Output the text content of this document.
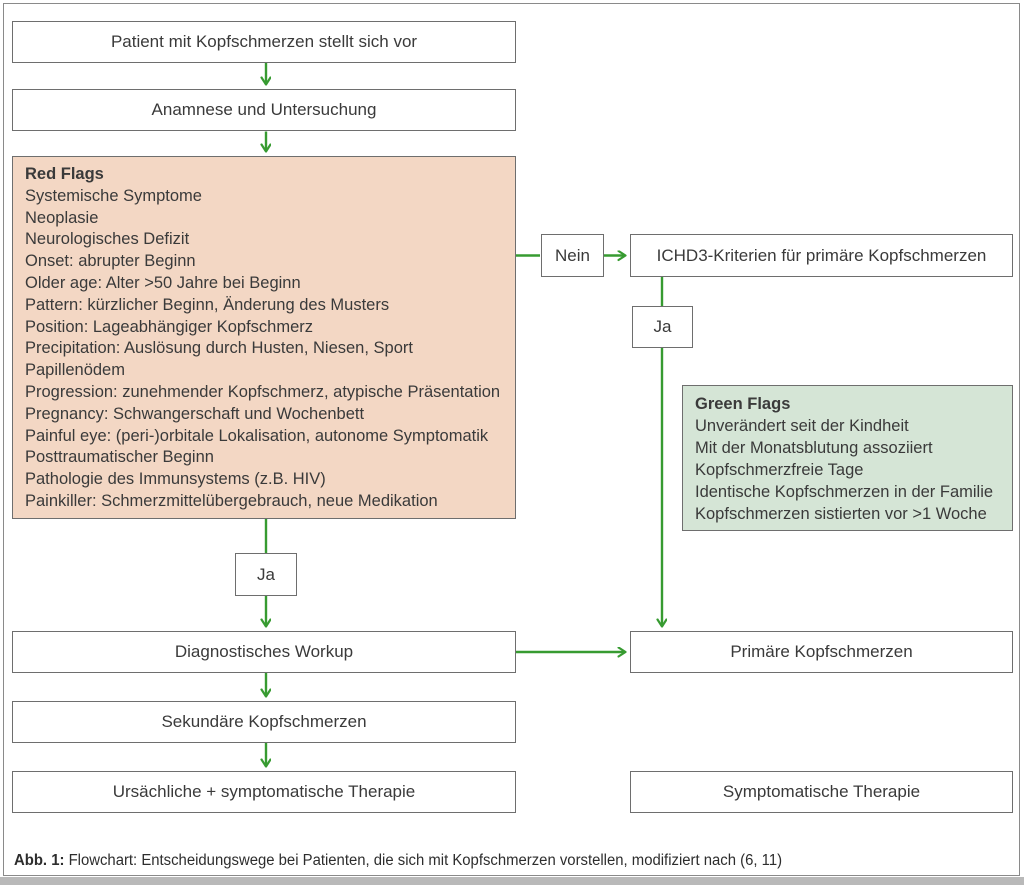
Patient mit Kopfschmerzen stellt sich vor
Anamnese und Untersuchung
Red Flags
Systemische Symptome
Neoplasie
Neurologisches Defizit
Onset: abrupter Beginn
Older age: Alter >50 Jahre bei Beginn
Pattern: kürzlicher Beginn, Änderung des Musters
Position: Lageabhängiger Kopfschmerz
Precipitation: Auslösung durch Husten, Niesen, Sport
Papillenödem
Progression: zunehmender Kopfschmerz, atypische Präsentation
Pregnancy: Schwangerschaft und Wochenbett
Painful eye: (peri-)orbitale Lokalisation, autonome Symptomatik
Posttraumatischer Beginn
Pathologie des Immunsystems (z.B. HIV)
Painkiller: Schmerzmittelübergebrauch, neue Medikation
Nein	ICHD3-Kriterien für primäre Kopfschmerzen
Ja
Green Flags
Unverändert seit der Kindheit
Mit der Monatsblutung assoziiert
Kopfschmerzfreie Tage
Identische Kopfschmerzen in der Familie
Kopfschmerzen sistierten vor >1 Woche
Ja
Diagnostisches Workup	Primäre Kopfschmerzen
Sekundäre Kopfschmerzen
Ursächliche + symptomatische Therapie	Symptomatische Therapie
Abb. 1: Flowchart: Entscheidungswege bei Patienten, die sich mit Kopfschmerzen vorstellen, modifiziert nach (6, 11)
